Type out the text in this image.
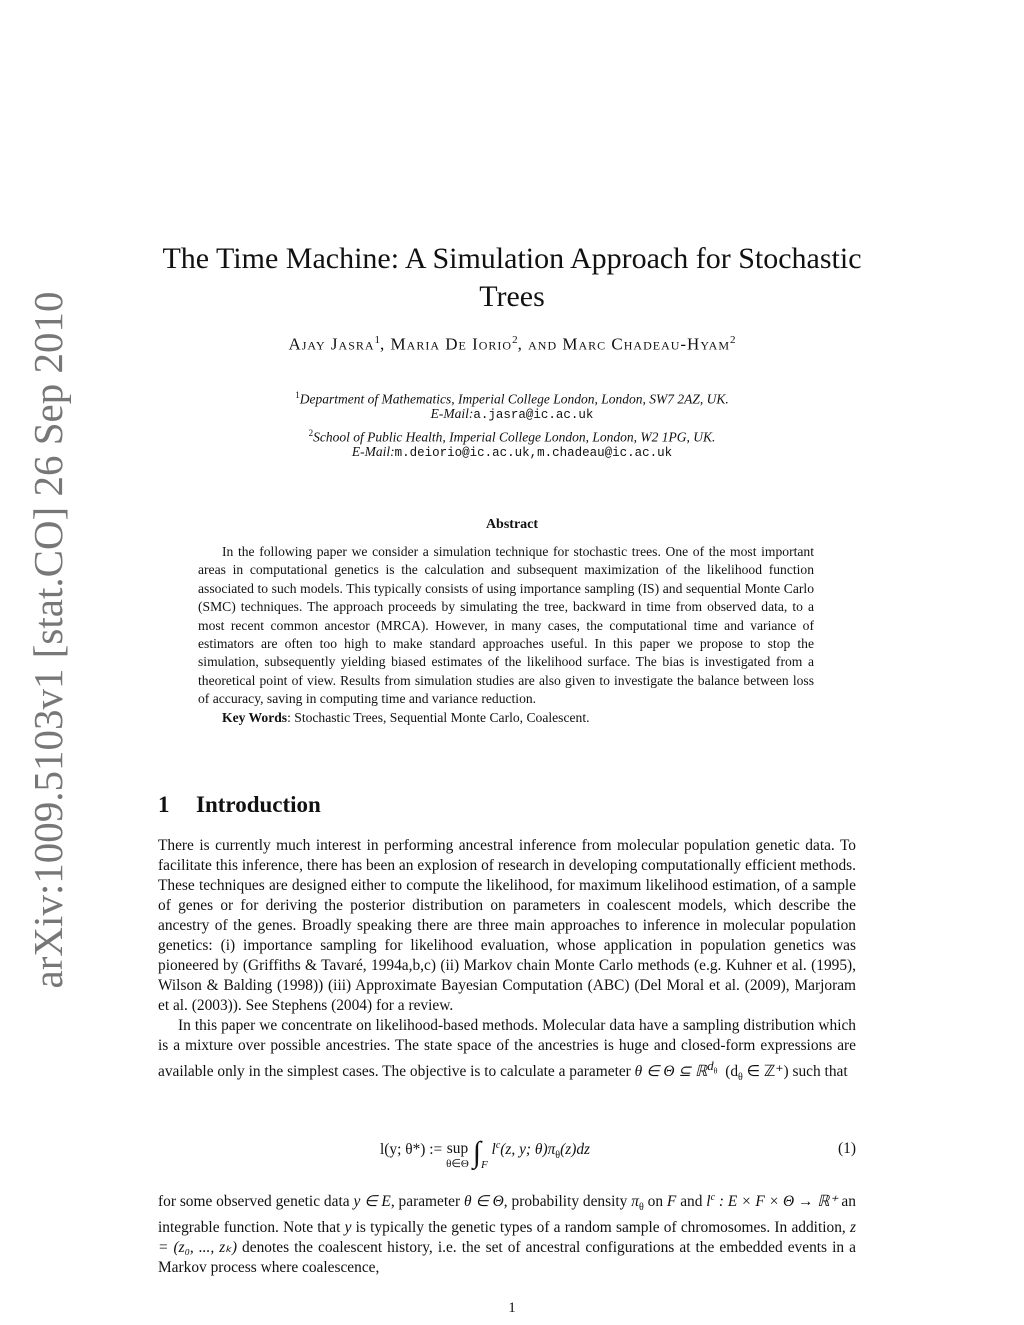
arXiv:1009.5103v1 [stat.CO] 26 Sep 2010
The Time Machine: A Simulation Approach for Stochastic
Trees
Ajay Jasra$^1$, Maria De Iorio$^2$, and Marc Chadeau-Hyam$^2$
$^1$Department of Mathematics, Imperial College London, London, SW7 2AZ, UK.
E-Mail:a.jasra@ic.ac.uk
$^2$School of Public Health, Imperial College London, London, W2 1PG, UK.
E-Mail:m.deiorio@ic.ac.uk,m.chadeau@ic.ac.uk
Abstract

In the following paper we consider a simulation technique for stochastic trees. One of the most important areas in computational genetics is the calculation and subsequent maximization of the likelihood function associated to such models. This typically consists of using importance sampling (IS) and sequential Monte Carlo (SMC) techniques. The approach proceeds by simulating the tree, backward in time from observed data, to a most recent common ancestor (MRCA). However, in many cases, the computational time and variance of estimators are often too high to make standard approaches useful. In this paper we propose to stop the simulation, subsequently yielding biased estimates of the likelihood surface. The bias is investigated from a theoretical point of view. Results from simulation studies are also given to investigate the balance between loss of accuracy, saving in computing time and variance reduction.

Key Words: Stochastic Trees, Sequential Monte Carlo, Coalescent.

1 Introduction

There is currently much interest in performing ancestral inference from molecular population genetic data. To facilitate this inference, there has been an explosion of research in developing computationally efficient methods. These techniques are designed either to compute the likelihood, for maximum likelihood estimation, of a sample of genes or for deriving the posterior distribution on parameters in coalescent models, which describe the ancestry of the genes. Broadly speaking there are three main approaches to inference in molecular population genetics: (i) importance sampling for likelihood evaluation, whose application in population genetics was pioneered by (Griffiths & Tavaré, 1994a,b,c) (ii) Markov chain Monte Carlo methods (e.g. Kuhner et al. (1995), Wilson & Balding (1998)) (iii) Approximate Bayesian Computation (ABC) (Del Moral et al. (2009), Marjoram et al. (2003)). See Stephens (2004) for a review.

In this paper we concentrate on likelihood-based methods. Molecular data have a sampling distribution which is a mixture over possible ancestries. The state space of the ancestries is huge and closed-form expressions are available only in the simplest cases. The objective is to calculate a parameter θ ∈ Θ ⊆ ℝ$^{d_\theta}$ ($d_\theta$ ∈ ℤ⁺) such that

l(y; θ*) := sup
θ∈Θ $\int_F$ $l^c(z$, y; $\theta)\pi_\theta(z)dz$	(1)

for some observed genetic data y ∈ E, parameter θ ∈ Θ, probability density $\pi_\theta$ on F and $l^c$ : E × F × Θ → ℝ⁺ an integrable function. Note that y is typically the genetic types of a random sample of chromosomes. In addition, z = (z₀, ..., zₖ) denotes the coalescent history, i.e. the set of ancestral configurations at the embedded events in a Markov process where coalescence,

1
